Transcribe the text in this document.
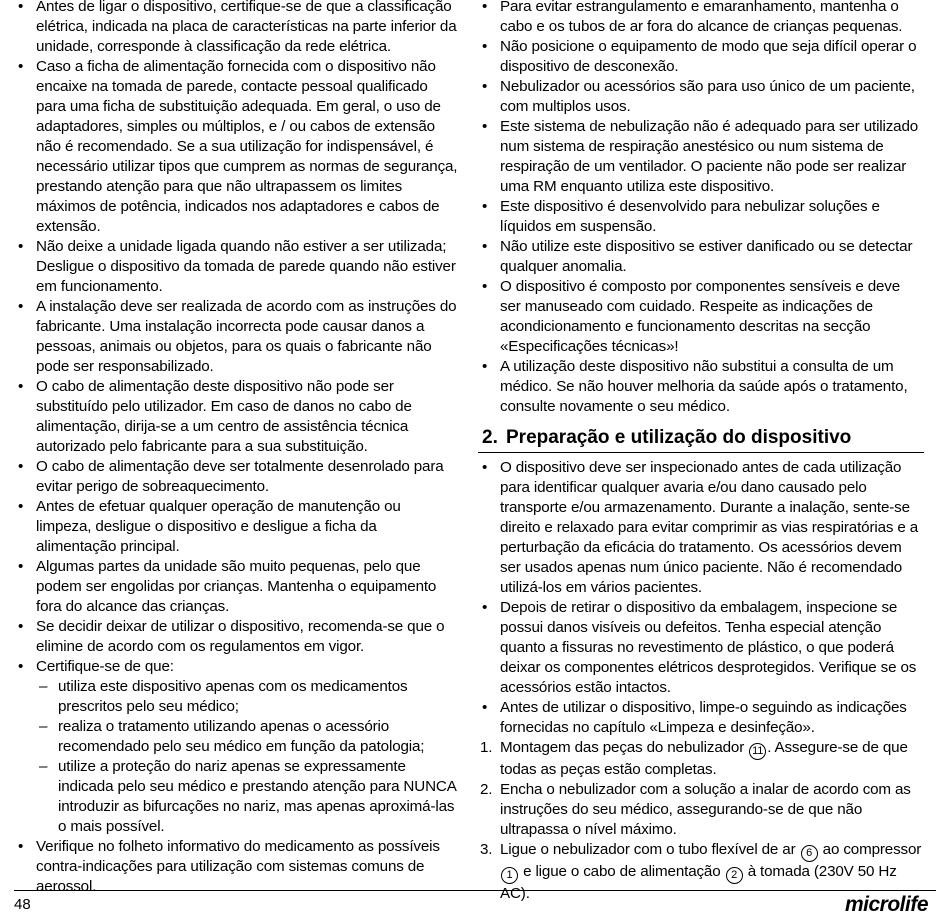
• Antes de ligar o dispositivo, certifique-se de que a classificação elétrica, indicada na placa de características na parte inferior da unidade, corresponde à classificação da rede elétrica.
• Caso a ficha de alimentação fornecida com o dispositivo não encaixe na tomada de parede, contacte pessoal qualificado para uma ficha de substituição adequada. Em geral, o uso de adaptadores, simples ou múltiplos, e / ou cabos de extensão não é recomendado. Se a sua utilização for indispensável, é necessário utilizar tipos que cumprem as normas de segurança, prestando atenção para que não ultrapassem os limites máximos de potência, indicados nos adaptadores e cabos de extensão.
• Não deixe a unidade ligada quando não estiver a ser utilizada; Desligue o dispositivo da tomada de parede quando não estiver em funcionamento.
• A instalação deve ser realizada de acordo com as instruções do fabricante. Uma instalação incorrecta pode causar danos a pessoas, animais ou objetos, para os quais o fabricante não pode ser responsabilizado.
• O cabo de alimentação deste dispositivo não pode ser substituído pelo utilizador. Em caso de danos no cabo de alimentação, dirija-se a um centro de assistência técnica autorizado pelo fabricante para a sua substituição.
• O cabo de alimentação deve ser totalmente desenrolado para evitar perigo de sobreaquecimento.
• Antes de efetuar qualquer operação de manutenção ou limpeza, desligue o dispositivo e desligue a ficha da alimentação principal.
• Algumas partes da unidade são muito pequenas, pelo que podem ser engolidas por crianças. Mantenha o equipamento fora do alcance das crianças.
• Se decidir deixar de utilizar o dispositivo, recomenda-se que o elimine de acordo com os regulamentos em vigor.
• Certifique-se de que:
– utiliza este dispositivo apenas com os medicamentos prescritos pelo seu médico;
– realiza o tratamento utilizando apenas o acessório recomendado pelo seu médico em função da patologia;
– utilize a proteção do nariz apenas se expressamente indicada pelo seu médico e prestando atenção para NUNCA introduzir as bifurcações no nariz, mas apenas aproximá-las o mais possível.
• Verifique no folheto informativo do medicamento as possíveis contra-indicações para utilização com sistemas comuns de aerossol.
• Para evitar estrangulamento e emaranhamento, mantenha o cabo e os tubos de ar fora do alcance de crianças pequenas.
• Não posicione o equipamento de modo que seja difícil operar o dispositivo de desconexão.
• Nebulizador ou acessórios são para uso único de um paciente, com multiplos usos.
• Este sistema de nebulização não é adequado para ser utilizado num sistema de respiração anestésico ou num sistema de respiração de um ventilador. O paciente não pode ser realizar uma RM enquanto utiliza este dispositivo.
• Este dispositivo é desenvolvido para nebulizar soluções e líquidos em suspensão.
• Não utilize este dispositivo se estiver danificado ou se detectar qualquer anomalia.
• O dispositivo é composto por componentes sensíveis e deve ser manuseado com cuidado. Respeite as indicações de acondicionamento e funcionamento descritas na secção «Especificações técnicas»!
• A utilização deste dispositivo não substitui a consulta de um médico. Se não houver melhoria da saúde após o tratamento, consulte novamente o seu médico.
2. Preparação e utilização do dispositivo
• O dispositivo deve ser inspecionado antes de cada utilização para identificar qualquer avaria e/ou dano causado pelo transporte e/ou armazenamento. Durante a inalação, sente-se direito e relaxado para evitar comprimir as vias respiratórias e a perturbação da eficácia do tratamento. Os acessórios devem ser usados apenas num único paciente. Não é recomendado utilizá-los em vários pacientes.
• Depois de retirar o dispositivo da embalagem, inspecione se possui danos visíveis ou defeitos. Tenha especial atenção quanto a fissuras no revestimento de plástico, o que poderá deixar os componentes elétricos desprotegidos. Verifique se os acessórios estão intactos.
• Antes de utilizar o dispositivo, limpe-o seguindo as indicações fornecidas no capítulo «Limpeza e desinfeção».
1. Montagem das peças do nebulizador 11 . Assegure-se de que todas as peças estão completas.
2. Encha o nebulizador com a solução a inalar de acordo com as instruções do seu médico, assegurando-se de que não ultrapassa o nível máximo.
3. Ligue o nebulizador com o tubo flexível de ar 6 ao compressor 1 e ligue o cabo de alimentação 2 à tomada (230V 50 Hz AC).
48	microlife
